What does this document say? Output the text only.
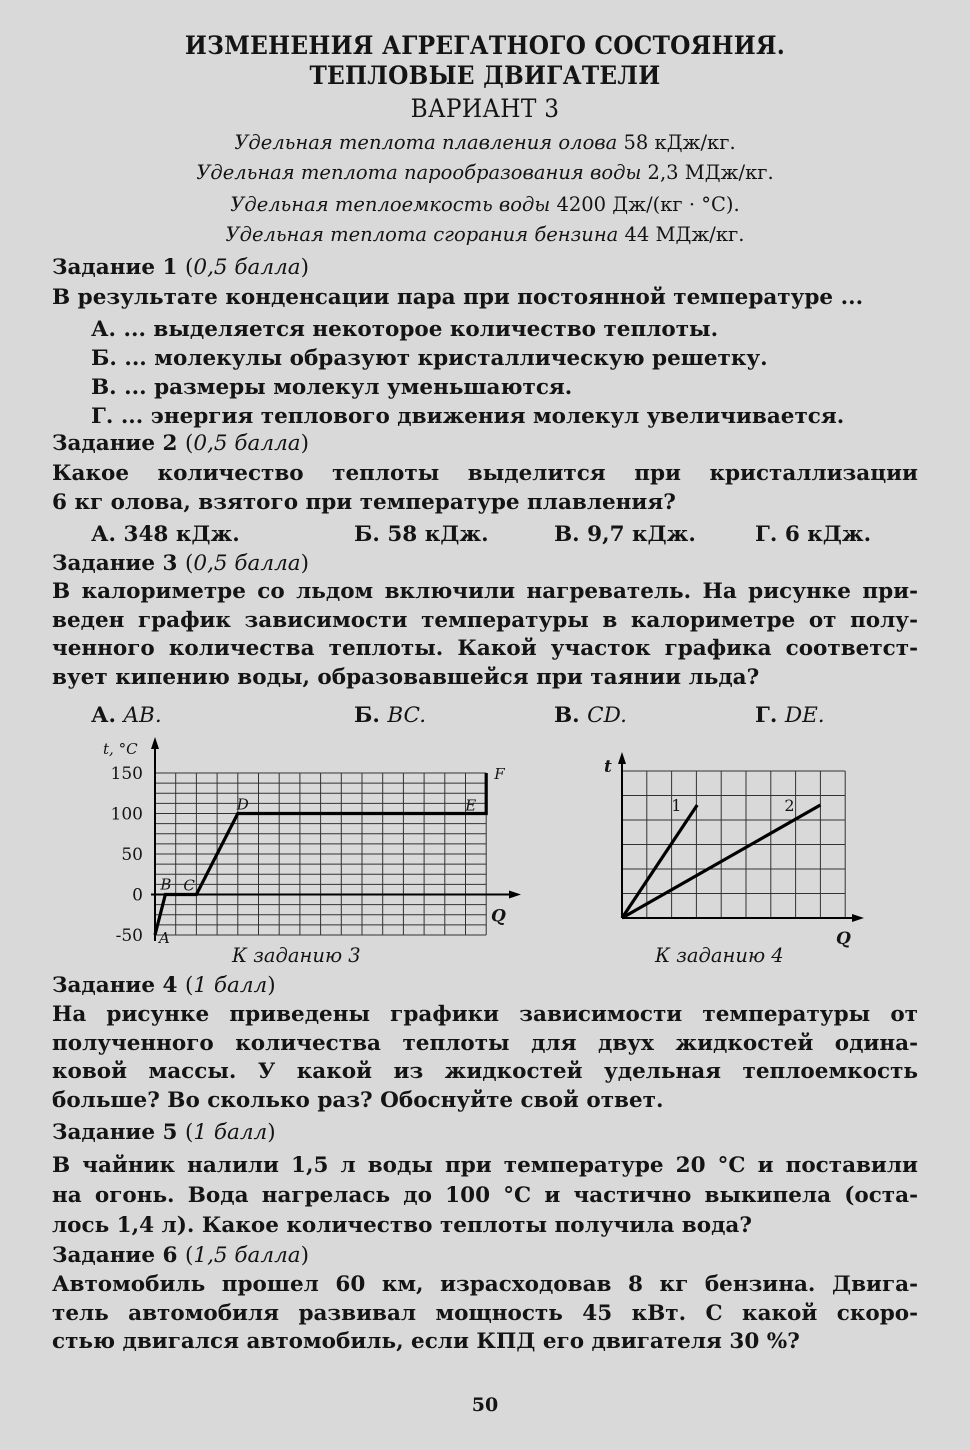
ИЗМЕНЕНИЯ АГРЕГАТНОГО СОСТОЯНИЯ.
ТЕПЛОВЫЕ ДВИГАТЕЛИ
ВАРИАНТ 3
Удельная теплота плавления олова 58 кДж/кг.
Удельная теплота парообразования воды 2,3 МДж/кг.
Удельная теплоемкость воды 4200 Дж/(кг · °С).
Удельная теплота сгорания бензина 44 МДж/кг.
Задание 1 (0,5 балла)
В результате конденсации пара при постоянной температуре ...
А. ... выделяется некоторое количество теплоты.
Б. ... молекулы образуют кристаллическую решетку.
В. ... размеры молекул уменьшаются.
Г. ... энергия теплового движения молекул увеличивается.
Задание 2 (0,5 балла)
Какое количество теплоты выделится при кристаллизации
6 кг олова, взятого при температуре плавления?
А. 348 кДж.	Б. 58 кДж.	В. 9,7 кДж.	Г. 6 кДж.
Задание 3 (0,5 балла)
В калориметре со льдом включили нагреватель. На рисунке при-
веден график зависимости температуры в калориметре от полу-
ченного количества теплоты. Какой участок графика соответст-
вует кипению воды, образовавшейся при таянии льда?
А. AB.	Б. BC.	В. CD.	Г. DE.
150
100
50
0
-50
t, °C
Q
A
B C
D	E
F
К заданию 3
t
Q
1	2
К заданию 4
Задание 4 (1 балл)
На рисунке приведены графики зависимости температуры от
полученного количества теплоты для двух жидкостей одина-
ковой массы. У какой из жидкостей удельная теплоемкость
больше? Во сколько раз? Обоснуйте свой ответ.
Задание 5 (1 балл)
В чайник налили 1,5 л воды при температуре 20 °С и поставили
на огонь. Вода нагрелась до 100 °С и частично выкипела (оста-
лось 1,4 л). Какое количество теплоты получила вода?
Задание 6 (1,5 балла)
Автомобиль прошел 60 км, израсходовав 8 кг бензина. Двига-
тель автомобиля развивал мощность 45 кВт. С какой скоро-
стью двигался автомобиль, если КПД его двигателя 30 %?
50
